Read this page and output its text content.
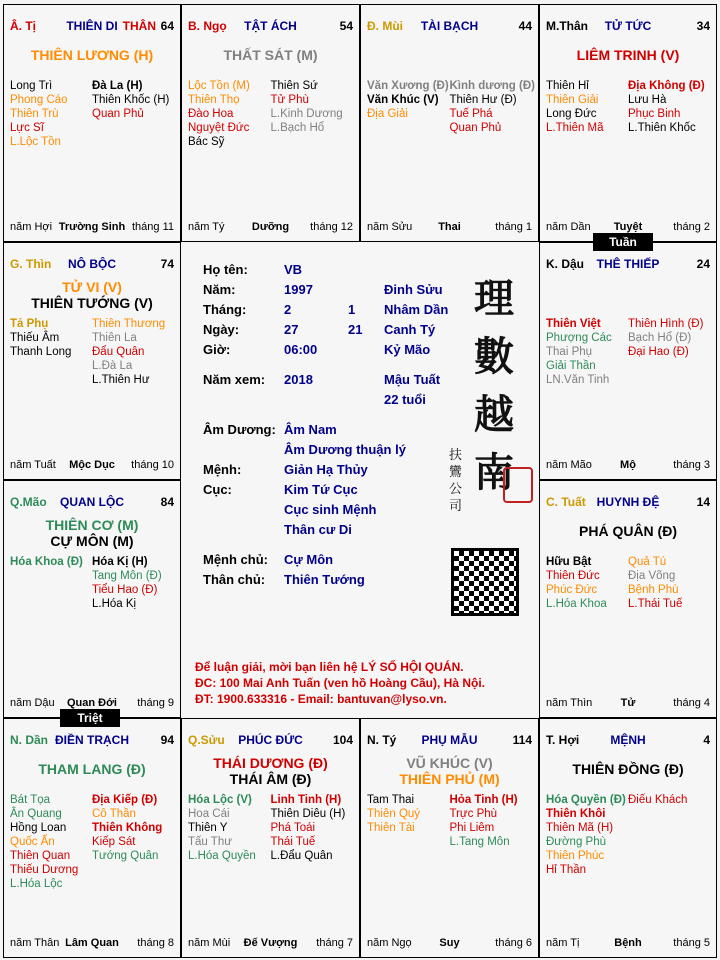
Â. Tị	THIÊN DI	64
THÂN
THIÊN LƯƠNG (H)
Long Trì
Phong Cáo
Thiên Trù
Lực Sĩ
L.Lộc Tồn
Đà La (H)
Thiên Khốc (H)
Quan Phủ
năm Hợi Trường Sinh tháng 11
B. Ngọ	TẬT ÁCH	54
THẤT SÁT (M)
Lộc Tồn (M)
Thiên Thọ
Đào Hoa
Nguyệt Đức
Bác Sỹ
Thiên Sứ
Tử Phù
L.Kinh Dương
L.Bạch Hổ
năm Tý	Dưỡng	tháng 12
Đ. Mùi	TÀI BẠCH	44
Văn Xương (Đ)
Văn Khúc (V)
Địa Giải
Kình dương (Đ)
Thiên Hư (Đ)
Tuế Phá
Quan Phủ
năm Sửu	Thai	tháng 1
M.Thân	TỬ TỨC	34
LIÊM TRINH (V)
Thiên Hỉ
Thiên Giải
Long Đức
L.Thiên Mã
Địa Không (Đ)
Lưu Hà
Phục Binh
L.Thiên Khốc
năm Dần	Tuyệt	tháng 2
G. Thìn	NÔ BỘC	74
TỬ VI (V)
THIÊN TƯỚNG (V)
Tả Phụ
Thiếu Âm
Thanh Long
Thiên Thương
Thiên La
Đẩu Quân
L.Đà La
L.Thiên Hư
năm Tuất	Mộc Dục	tháng 10
K. Dậu	THÊ THIẾP	24
Thiên Việt
Phượng Các
Thai Phụ
Giải Thần
LN.Văn Tinh
Thiên Hình (Đ)
Bạch Hổ (Đ)
Đại Hao (Đ)
năm Mão	Mộ	tháng 3
Q.Mão	QUAN LỘC	84
THIÊN CƠ (M)
CỰ MÔN (M)
Hóa Khoa (Đ) Hóa Kị (H)
Tang Môn (Đ)
Tiểu Hao (Đ)
L.Hóa Kị
năm Dậu	Quan Đới	tháng 9
C. Tuất HUYNH ĐỆ	14
PHÁ QUÂN (Đ)
Hữu Bật
Thiên Đức
Phúc Đức
L.Hóa Khoa
Quả Tú
Địa Võng
Bệnh Phù
L.Thái Tuế
năm Thìn	Tử	tháng 4
N. Dần ĐIỀN TRẠCH	94
THAM LANG (Đ)
Bát Tọa
Ân Quang
Hồng Loan
Quốc Ấn
Thiên Quan
Thiếu Dương
L.Hóa Lộc
Địa Kiếp (Đ)
Cô Thần
Thiên Không
Kiếp Sát
Tướng Quân
năm Thân Lâm Quan	tháng 8
Q.Sửu	PHÚC ĐỨC	104
THÁI DƯƠNG (Đ)
THÁI ÂM (Đ)
Hóa Lộc (V)
Hoa Cái
Thiên Y
Tấu Thư
L.Hóa Quyền
Linh Tinh (H)
Thiên Diêu (H)
Phá Toái
Thái Tuế
L.Đẩu Quân
năm Mùi	Đế Vượng	tháng 7
N. Tý	PHỤ MẪU	114
VŨ KHÚC (V)
THIÊN PHỦ (M)
Tam Thai
Thiên Quý
Thiên Tài
Hỏa Tinh (H)
Trực Phù
Phi Liêm
L.Tang Môn
năm Ngọ	Suy	tháng 6
T. Hợi	MỆNH	4
THIÊN ĐỒNG (Đ)
Hóa Quyền (Đ)
Thiên Khôi
Thiên Mã (H)
Đường Phù
Thiên Phúc
Hỉ Thần
Điếu Khách
năm Tị	Bệnh	tháng 5
Họ tên:	VB
Năm:	1997	Đinh Sửu
Tháng:	2	1 Nhâm Dần
Ngày:	27	21 Canh Tý
Giờ:	06:00	Kỷ Mão
Năm xem: 2018	Mậu Tuất
22 tuổi
Âm Dương: Âm Nam
Âm Dương thuận lý
Mệnh:	Giản Hạ Thủy
Cục:	Kim Tứ Cục
Cục sinh Mệnh
Thân cư Di
Mệnh chủ: Cự Môn
Thân chủ: Thiên Tướng
理數越南
扶鸞公司
Để luận giải, mời bạn liên hệ LÝ SỐ HỘI QUÁN.
ĐC: 100 Mai Anh Tuấn (ven hồ Hoàng Cầu), Hà Nội.
ĐT: 1900.633316 - Email: bantuvan@lyso.vn.
Tuần
Triệt
